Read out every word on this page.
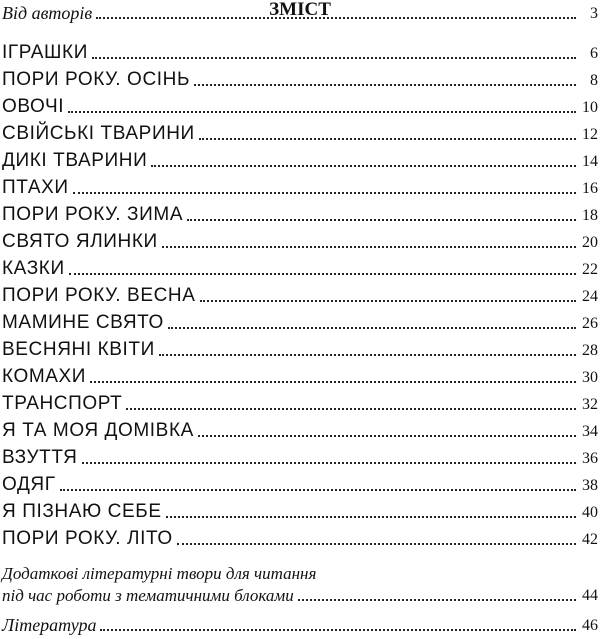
ЗМІСТ
Від авторів	3
ІГРАШКИ	6
ПОРИ РОКУ. ОСІНЬ	8
ОВОЧІ	10
СВІЙСЬКІ ТВАРИНИ	12
ДИКІ ТВАРИНИ	14
ПТАХИ	16
ПОРИ РОКУ. ЗИМА	18
СВЯТО ЯЛИНКИ	20
КАЗКИ	22
ПОРИ РОКУ. ВЕСНА	24
МАМИНЕ СВЯТО	26
ВЕСНЯНІ КВІТИ	28
КОМАХИ	30
ТРАНСПОРТ	32
Я ТА МОЯ ДОМІВКА	34
ВЗУТТЯ	36
ОДЯГ	38
Я ПІЗНАЮ СЕБЕ	40
ПОРИ РОКУ. ЛІТО	42
Додаткові літературні твори для читання
під час роботи з тематичними блоками	44
Література	46
